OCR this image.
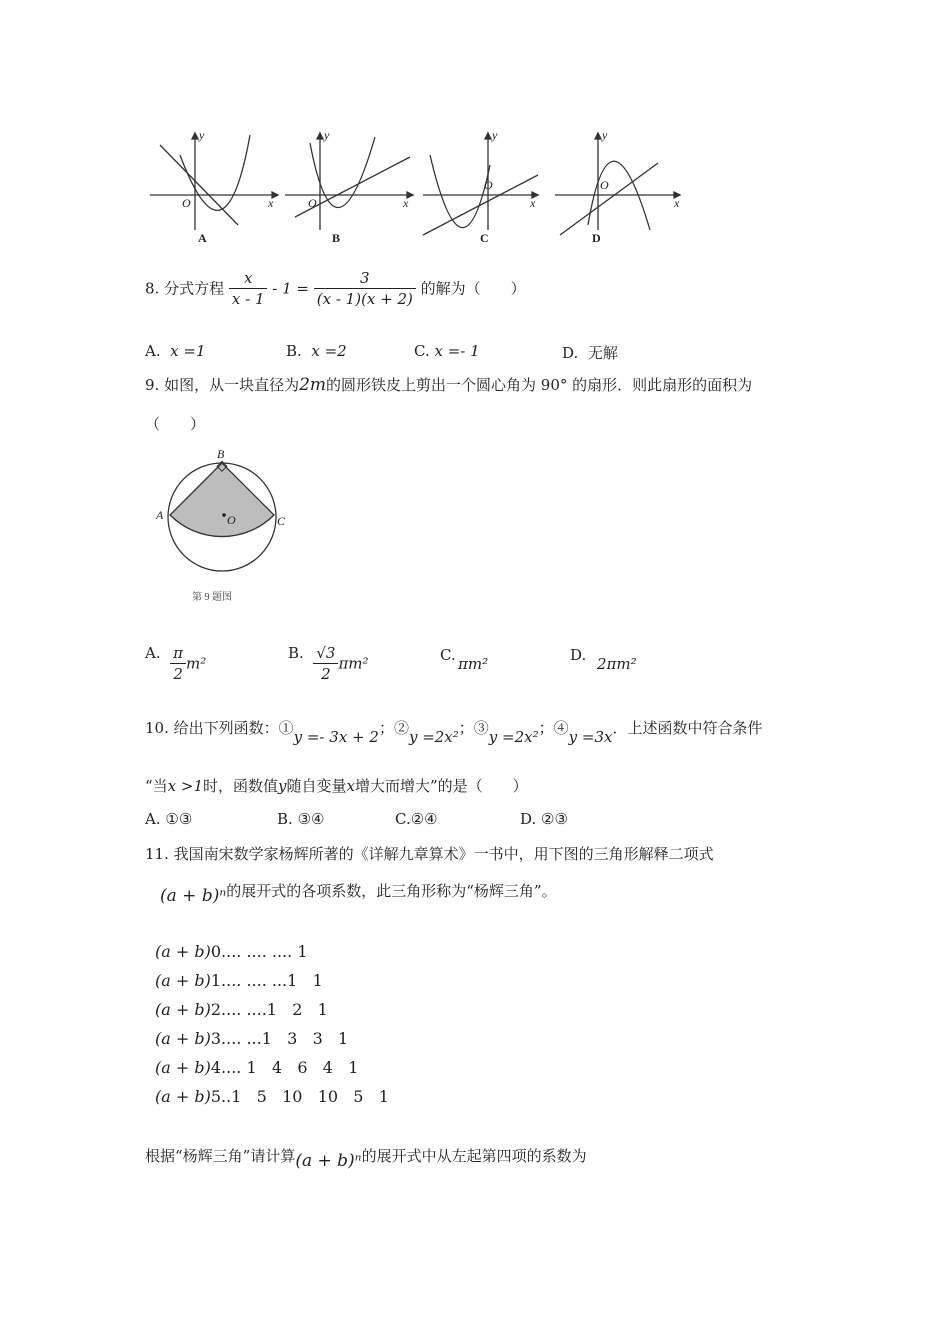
y
O	x
A
y
O	x
B
y
O
x
C
y
O
x
D
8. 分式方程 $\frac{x}{x - 1} - 1 = \frac{3}{(x - 1)(x + 2)}$ 的解为（　　）
A. x =1	B. x =2	C. x =- 1	D. 无解
9. 如图，从一块直径为2m的圆形铁皮上剪出一个圆心角为 90° 的扇形．则此扇形的面积为
（　　）
B
A	C
O
第 9 题图
A. $\frac{\pi}{2} m^2$
B. $\frac{√3}{2} \pi m^2$	C. πm²	D. 2πm²
10. 给出下列函数：①y =- 3x + 2；②y =2x²；③y =2x²；④y =3x．上述函数中符合条件
“当x >1时，函数值y随自变量x增大而增大”的是（　　）
A. ①③	B. ③④	C.②④	D. ②③
11. 我国南宋数学家杨辉所著的《详解九章算术》一书中，用下图的三角形解释二项式
(a + b)ⁿ的展开式的各项系数，此三角形称为“杨辉三角”。
(a + b)0.... .... .... 1
(a + b)1.... .... ...1   1
(a + b)2.... ....1   2   1
(a + b)3.... ...1   3   3   1
(a + b)4.... 1   4   6   4   1
(a + b)5..1   5   10   10   5   1
根据“杨辉三角”请计算(a + b)ⁿ的展开式中从左起第四项的系数为
